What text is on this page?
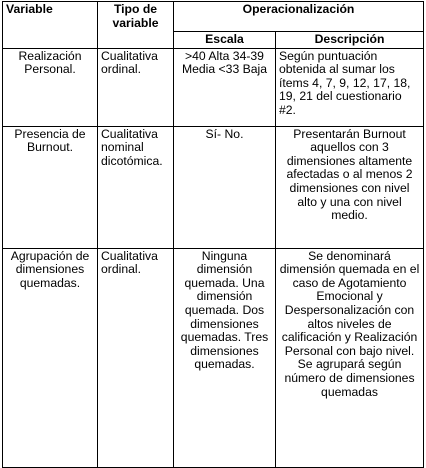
Variable	Tipo de variable	Operacionalización	
		Escala	Descripción
Realización Personal.	Cualitativa ordinal.	>40 Alta 34-39 Media <33 Baja	Según puntuación obtenida al sumar los ítems 4, 7, 9, 12, 17, 18, 19, 21 del cuestionario #2.
Presencia de Burnout.	Cualitativa nominal dicotómica.	Sí- No.	Presentarán Burnout aquellos con 3 dimensiones altamente afectadas o al menos 2 dimensiones con nivel alto y una con nivel medio.
Agrupación de dimensiones quemadas.	Cualitativa ordinal.	Ninguna dimensión quemada. Una dimensión quemada. Dos dimensiones quemadas. Tres dimensiones quemadas.	Se denominará dimensión quemada en el caso de Agotamiento Emocional y Despersonalización con altos niveles de calificación y Realización Personal con bajo nivel. Se agrupará según número de dimensiones quemadas
